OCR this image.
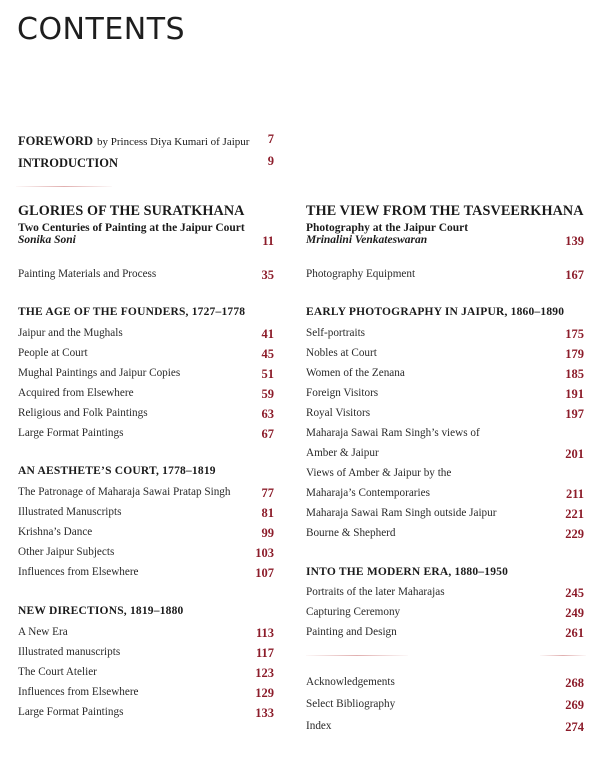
CONTENTS
FOREWORD by Princess Diya Kumari of Jaipur 7
INTRODUCTION	9
GLORIES OF THE SURATKHANA
Two Centuries of Painting at the Jaipur Court
Sonika Soni	11
Painting Materials and Process	35
THE AGE OF THE FOUNDERS, 1727–1778
Jaipur and the Mughals	41
People at Court	45
Mughal Paintings and Jaipur Copies	51
Acquired from Elsewhere	59
Religious and Folk Paintings	63
Large Format Paintings	67
AN AESTHETE’S COURT, 1778–1819
The Patronage of Maharaja Sawai Pratap Singh 77
Illustrated Manuscripts	81
Krishna’s Dance	99
Other Jaipur Subjects	103
Influences from Elsewhere	107
NEW DIRECTIONS, 1819–1880
A New Era	113
Illustrated manuscripts	117
The Court Atelier	123
Influences from Elsewhere	129
Large Format Paintings	133
THE VIEW FROM THE TASVEERKHANA
Photography at the Jaipur Court
Mrinalini Venkateswaran	139
Photography Equipment	167
EARLY PHOTOGRAPHY IN JAIPUR, 1860–1890
Self-portraits	175
Nobles at Court	179
Women of the Zenana	185
Foreign Visitors	191
Royal Visitors	197
Maharaja Sawai Ram Singh’s views of
Amber & Jaipur	201
Views of Amber & Jaipur by the
Maharaja’s Contemporaries	211
Maharaja Sawai Ram Singh outside Jaipur	221
Bourne & Shepherd	229
INTO THE MODERN ERA, 1880–1950
Portraits of the later Maharajas	245
Capturing Ceremony	249
Painting and Design	261
Acknowledgements	268
Select Bibliography	269
Index	274
